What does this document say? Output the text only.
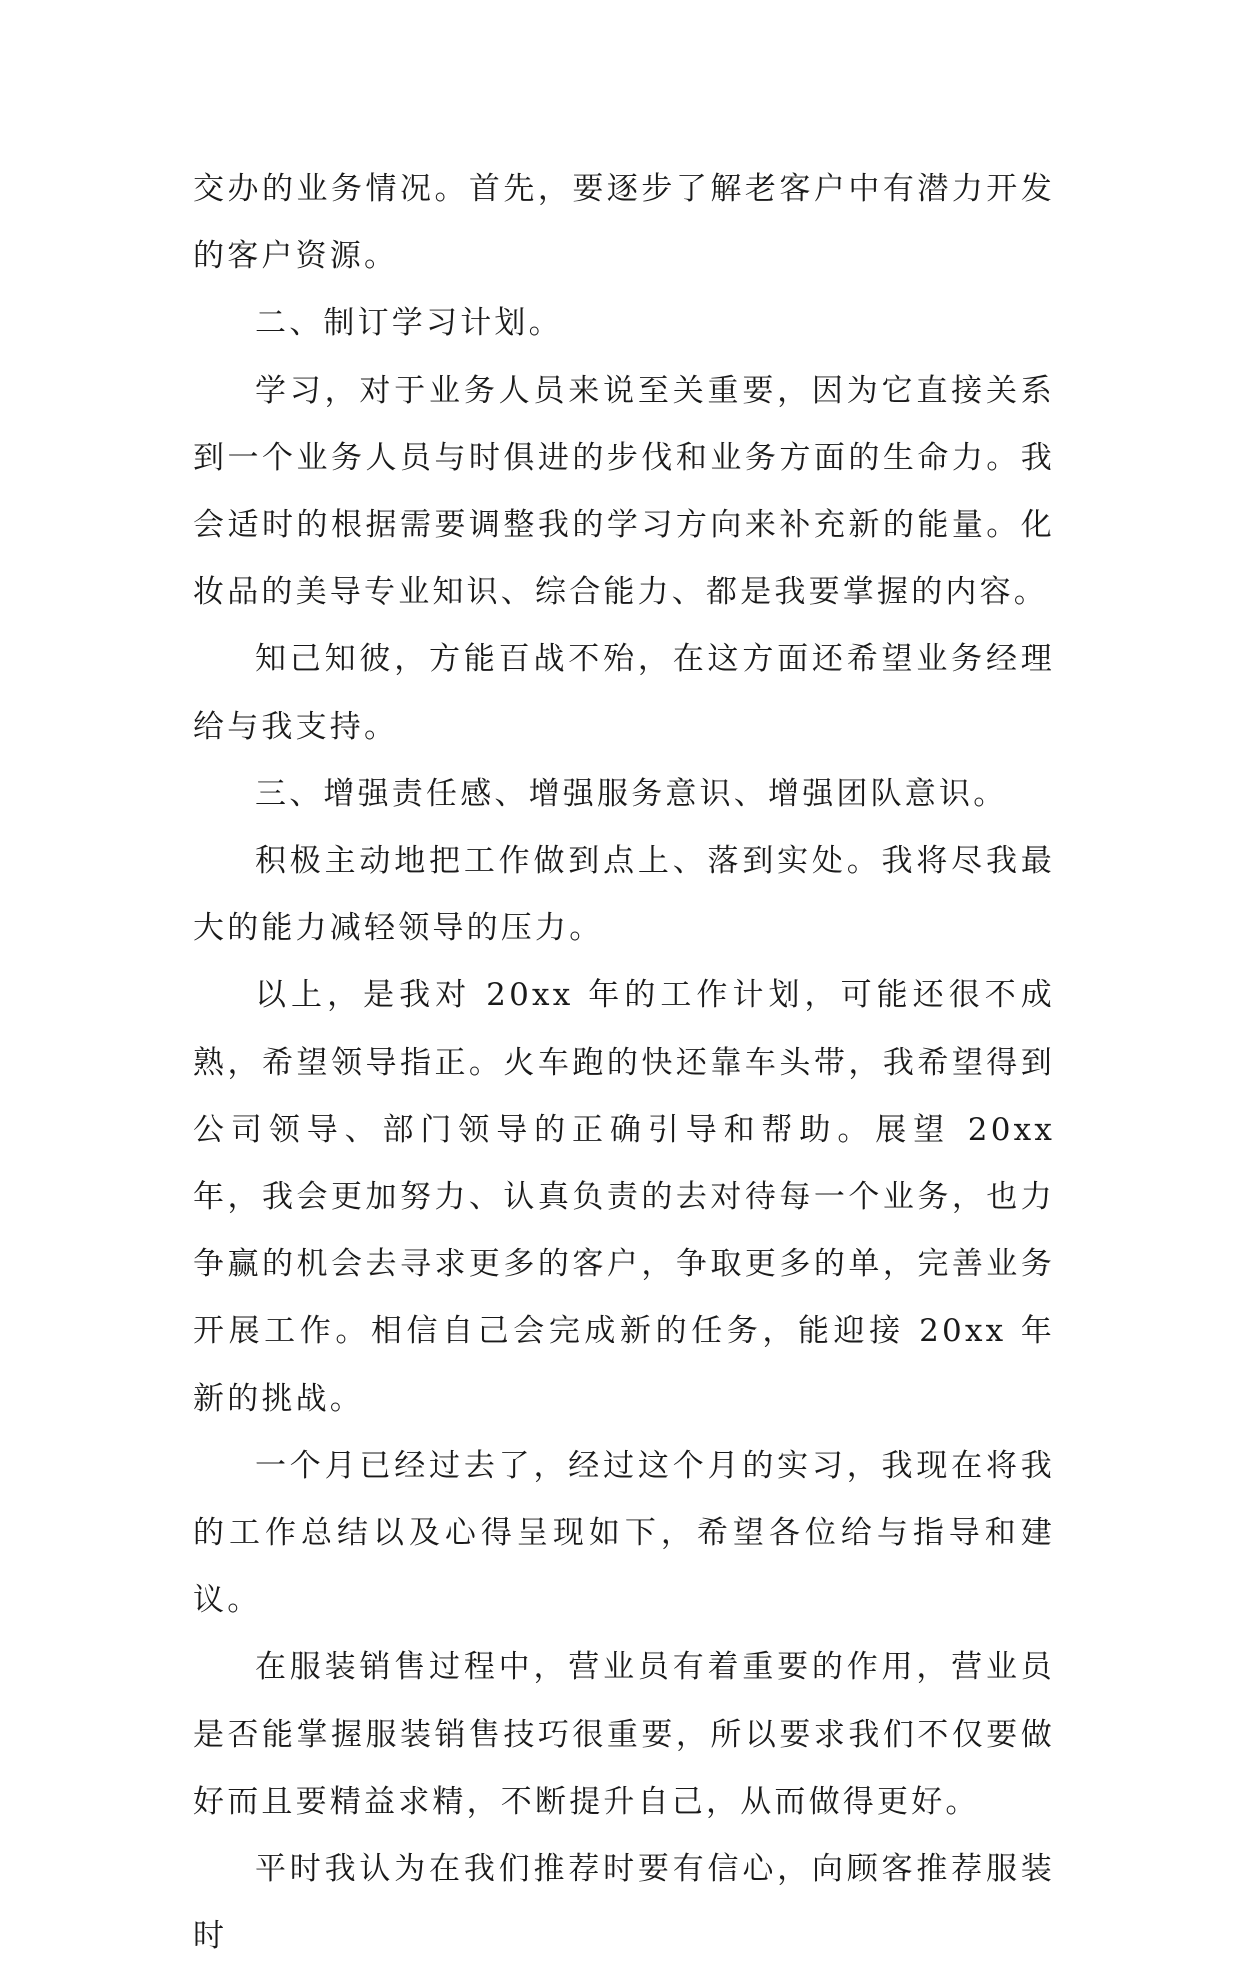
交办的业务情况。首先，要逐步了解老客户中有潜力开发的客户资源。

二、制订学习计划。

学习，对于业务人员来说至关重要，因为它直接关系到一个业务人员与时俱进的步伐和业务方面的生命力。我会适时的根据需要调整我的学习方向来补充新的能量。化妆品的美导专业知识、综合能力、都是我要掌握的内容。

知己知彼，方能百战不殆，在这方面还希望业务经理给与我支持。

三、增强责任感、增强服务意识、增强团队意识。

积极主动地把工作做到点上、落到实处。我将尽我最大的能力减轻领导的压力。

以上，是我对 20xx 年的工作计划，可能还很不成熟，希望领导指正。火车跑的快还靠车头带，我希望得到公司领导、部门领导的正确引导和帮助。展望 20xx 年，我会更加努力、认真负责的去对待每一个业务，也力争赢的机会去寻求更多的客户，争取更多的单，完善业务开展工作。相信自己会完成新的任务，能迎接 20xx 年新的挑战。

一个月已经过去了，经过这个月的实习，我现在将我的工作总结以及心得呈现如下，希望各位给与指导和建议。

在服装销售过程中，营业员有着重要的作用，营业员是否能掌握服装销售技巧很重要，所以要求我们不仅要做好而且要精益求精，不断提升自己，从而做得更好。

平时我认为在我们推荐时要有信心，向顾客推荐服装时
